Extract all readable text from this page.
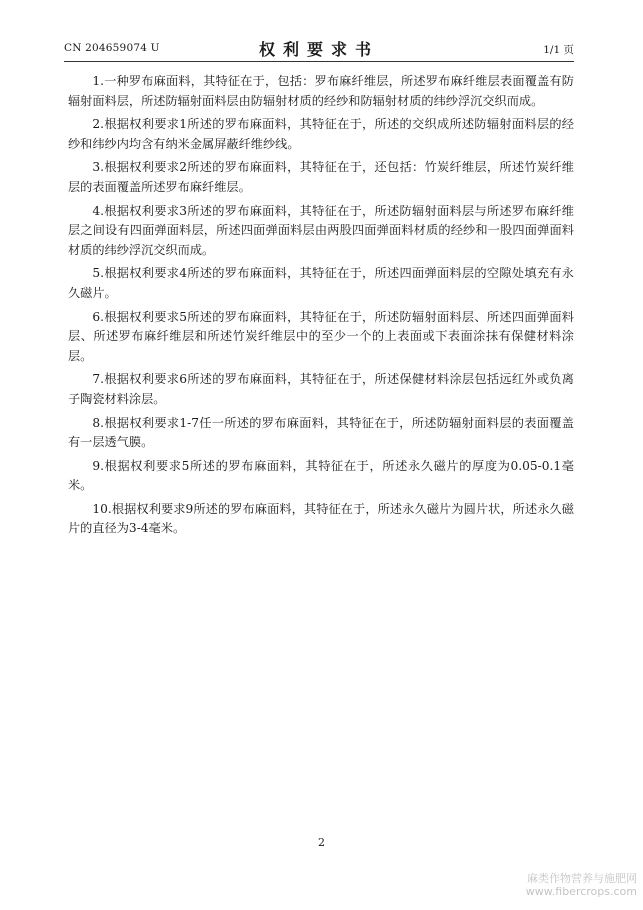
CN 204659074 U	权利要求书	1/1 页

1.一种罗布麻面料，其特征在于，包括：罗布麻纤维层，所述罗布麻纤维层表面覆盖有防辐射面料层，所述防辐射面料层由防辐射材质的经纱和防辐射材质的纬纱浮沉交织而成。

2.根据权利要求1所述的罗布麻面料，其特征在于，所述的交织成所述防辐射面料层的经纱和纬纱内均含有纳米金属屏蔽纤维纱线。

3.根据权利要求2所述的罗布麻面料，其特征在于，还包括：竹炭纤维层，所述竹炭纤维层的表面覆盖所述罗布麻纤维层。

4.根据权利要求3所述的罗布麻面料，其特征在于，所述防辐射面料层与所述罗布麻纤维层之间设有四面弹面料层，所述四面弹面料层由两股四面弹面料材质的经纱和一股四面弹面料材质的纬纱浮沉交织而成。

5.根据权利要求4所述的罗布麻面料，其特征在于，所述四面弹面料层的空隙处填充有永久磁片。

6.根据权利要求5所述的罗布麻面料，其特征在于，所述防辐射面料层、所述四面弹面料层、所述罗布麻纤维层和所述竹炭纤维层中的至少一个的上表面或下表面涂抹有保健材料涂层。

7.根据权利要求6所述的罗布麻面料，其特征在于，所述保健材料涂层包括远红外或负离子陶瓷材料涂层。

8.根据权利要求1-7任一所述的罗布麻面料，其特征在于，所述防辐射面料层的表面覆盖有一层透气膜。

9.根据权利要求5所述的罗布麻面料，其特征在于，所述永久磁片的厚度为0.05-0.1毫米。

10.根据权利要求9所述的罗布麻面料，其特征在于，所述永久磁片为圆片状，所述永久磁片的直径为3-4毫米。

2
麻类作物营养与施肥网
www.fibercrops.com
